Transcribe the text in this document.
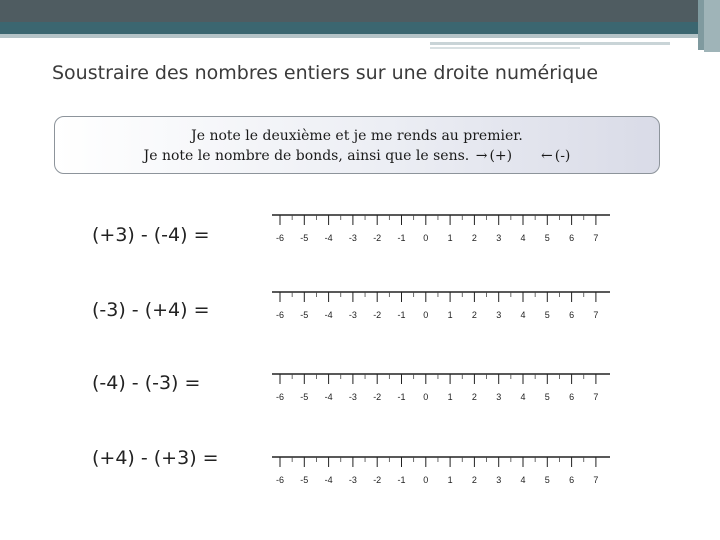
Soustraire des nombres entiers sur une droite numérique
Je note le deuxième et je me rends au premier.
Je note le nombre de bonds, ainsi que le sens. → (+) ← (-)
(+3) - (-4) =	-6 -5 -4 -3 -2 -1 0 1 2 3 4 5 6 7
(-3) - (+4) =	-6 -5 -4 -3 -2 -1 0 1 2 3 4 5 6 7
(-4) - (-3) =
-6 -5 -4 -3 -2 -1 0 1 2 3 4 5 6 7
(+4) - (+3) =
-6 -5 -4 -3 -2 -1 0 1 2 3 4 5 6 7
